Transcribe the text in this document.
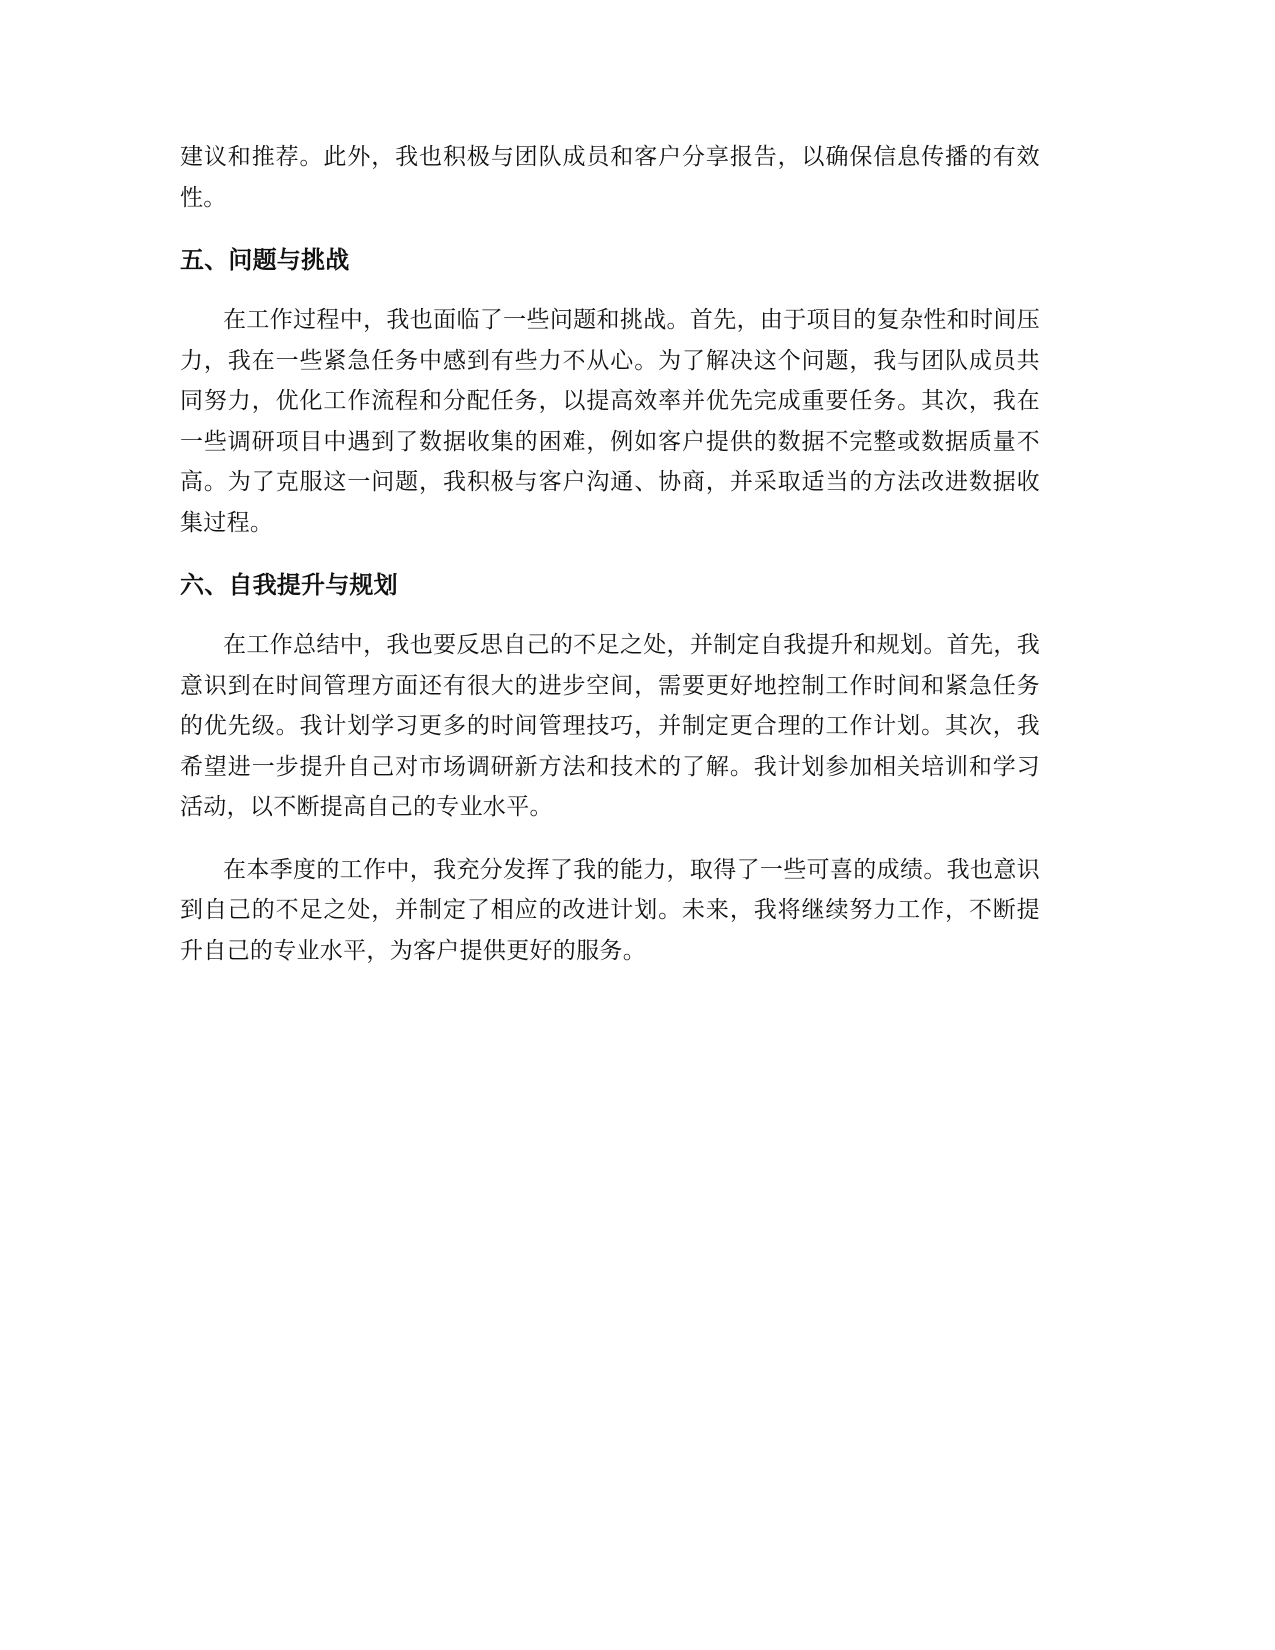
建议和推荐。此外，我也积极与团队成员和客户分享报告，以确保信息传播的有效性。

五、问题与挑战

在工作过程中，我也面临了一些问题和挑战。首先，由于项目的复杂性和时间压力，我在一些紧急任务中感到有些力不从心。为了解决这个问题，我与团队成员共同努力，优化工作流程和分配任务，以提高效率并优先完成重要任务。其次，我在一些调研项目中遇到了数据收集的困难，例如客户提供的数据不完整或数据质量不高。为了克服这一问题，我积极与客户沟通、协商，并采取适当的方法改进数据收集过程。

六、自我提升与规划

在工作总结中，我也要反思自己的不足之处，并制定自我提升和规划。首先，我意识到在时间管理方面还有很大的进步空间，需要更好地控制工作时间和紧急任务的优先级。我计划学习更多的时间管理技巧，并制定更合理的工作计划。其次，我希望进一步提升自己对市场调研新方法和技术的了解。我计划参加相关培训和学习活动，以不断提高自己的专业水平。

在本季度的工作中，我充分发挥了我的能力，取得了一些可喜的成绩。我也意识到自己的不足之处，并制定了相应的改进计划。未来，我将继续努力工作，不断提升自己的专业水平，为客户提供更好的服务。
